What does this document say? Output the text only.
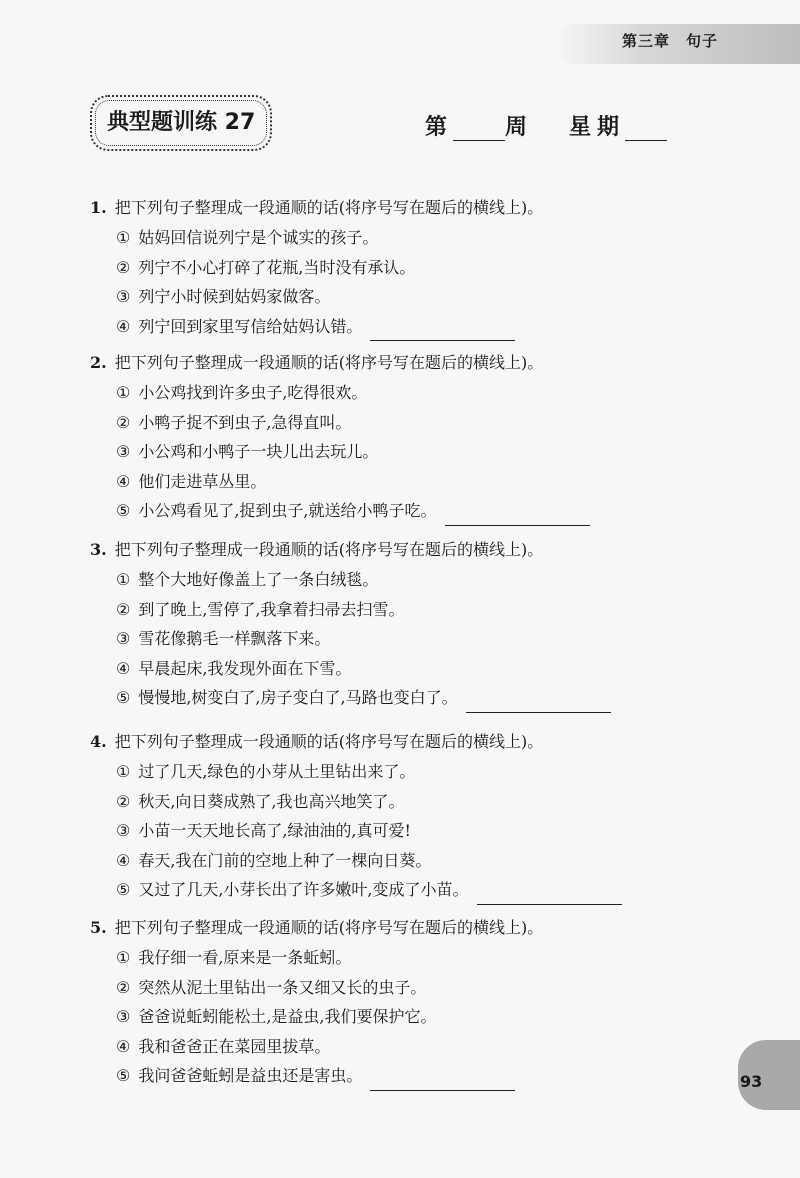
第三章　句子
典型题训练 27	第 周 星期
1. 把下列句子整理成一段通顺的话(将序号写在题后的横线上)。
① 姑妈回信说列宁是个诚实的孩子。
② 列宁不小心打碎了花瓶,当时没有承认。
③ 列宁小时候到姑妈家做客。
④ 列宁回到家里写信给姑妈认错。
2. 把下列句子整理成一段通顺的话(将序号写在题后的横线上)。
① 小公鸡找到许多虫子,吃得很欢。
② 小鸭子捉不到虫子,急得直叫。
③ 小公鸡和小鸭子一块儿出去玩儿。
④ 他们走进草丛里。
⑤ 小公鸡看见了,捉到虫子,就送给小鸭子吃。
3. 把下列句子整理成一段通顺的话(将序号写在题后的横线上)。
① 整个大地好像盖上了一条白绒毯。
② 到了晚上,雪停了,我拿着扫帚去扫雪。
③ 雪花像鹅毛一样飘落下来。
④ 早晨起床,我发现外面在下雪。
⑤ 慢慢地,树变白了,房子变白了,马路也变白了。
4. 把下列句子整理成一段通顺的话(将序号写在题后的横线上)。
① 过了几天,绿色的小芽从土里钻出来了。
② 秋天,向日葵成熟了,我也高兴地笑了。
③ 小苗一天天地长高了,绿油油的,真可爱!
④ 春天,我在门前的空地上种了一棵向日葵。
⑤ 又过了几天,小芽长出了许多嫩叶,变成了小苗。
5. 把下列句子整理成一段通顺的话(将序号写在题后的横线上)。
① 我仔细一看,原来是一条蚯蚓。
② 突然从泥土里钻出一条又细又长的虫子。
③ 爸爸说蚯蚓能松土,是益虫,我们要保护它。
④ 我和爸爸正在菜园里拔草。
⑤ 我问爸爸蚯蚓是益虫还是害虫。	93
